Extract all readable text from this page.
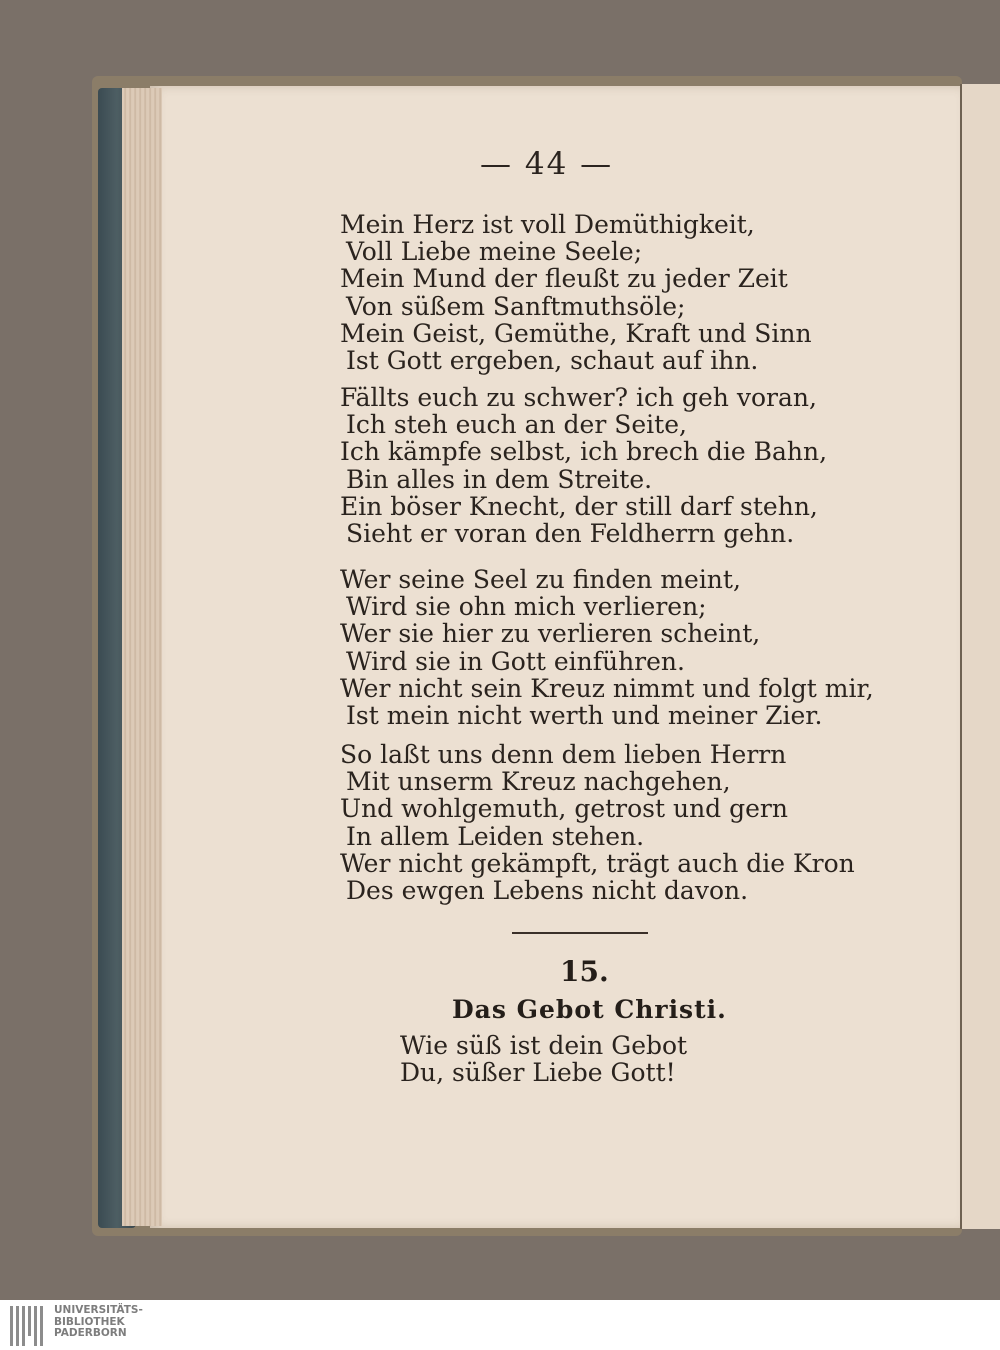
— 44 —
Mein Herz ist voll Demüthigkeit,
Voll Liebe meine Seele;
Mein Mund der fleußt zu jeder Zeit
Von süßem Sanftmuthsöle;
Mein Geist, Gemüthe, Kraft und Sinn
Ist Gott ergeben, schaut auf ihn.
Fällts euch zu schwer? ich geh voran,
Ich steh euch an der Seite,
Ich kämpfe selbst, ich brech die Bahn,
Bin alles in dem Streite.
Ein böser Knecht, der still darf stehn,
Sieht er voran den Feldherrn gehn.
Wer seine Seel zu finden meint,
Wird sie ohn mich verlieren;
Wer sie hier zu verlieren scheint,
Wird sie in Gott einführen.
Wer nicht sein Kreuz nimmt und folgt mir,
Ist mein nicht werth und meiner Zier.
So laßt uns denn dem lieben Herrn
Mit unserm Kreuz nachgehen,
Und wohlgemuth, getrost und gern
In allem Leiden stehen.
Wer nicht gekämpft, trägt auch die Kron
Des ewgen Lebens nicht davon.
15.
Das Gebot Christi.
Wie süß ist dein Gebot
Du, süßer Liebe Gott!
UNIVERSITÄTS-
BIBLIOTHEK
PADERBORN
